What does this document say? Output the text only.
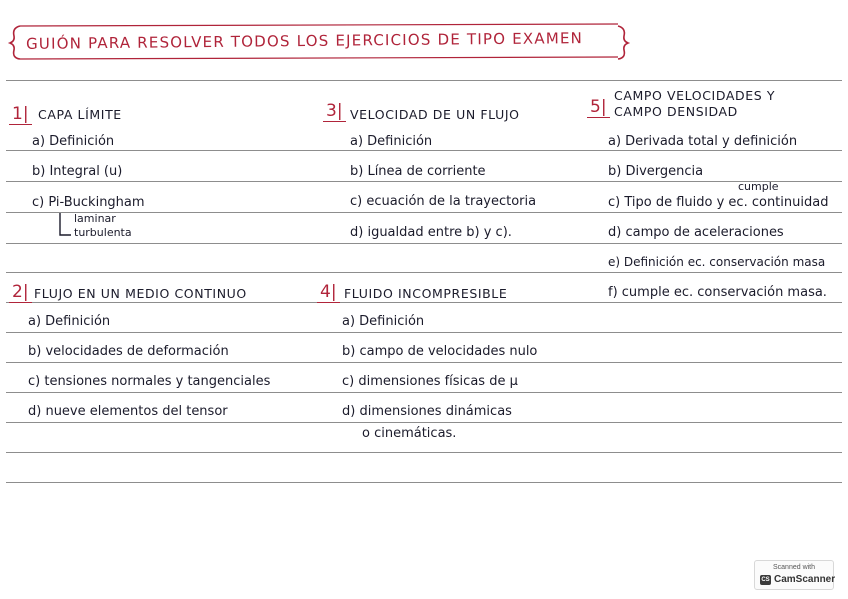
GUIÓN PARA RESOLVER TODOS LOS EJERCICIOS DE TIPO EXAMEN
1| CAPA LÍMITE
a) Definición
b) Integral (u)
c) Pi-Buckingham
laminar
turbulenta
3| VELOCIDAD DE UN FLUJO
a) Definición
b) Línea de corriente
c) ecuación de la trayectoria
d) igualdad entre b) y c).
5|
CAMPO VELOCIDADES Y
CAMPO DENSIDAD
a) Derivada total y definición
b) Divergencia
cumple
c) Tipo de fluido y ec. continuidad
d) campo de aceleraciones
e) Definición ec. conservación masa
f) cumple ec. conservación masa.
2| FLUJO EN UN MEDIO CONTINUO
a) Definición
b) velocidades de deformación
c) tensiones normales y tangenciales
d) nueve elementos del tensor
4| FLUIDO INCOMPRESIBLE
a) Definición
b) campo de velocidades nulo
c) dimensiones físicas de μ
d) dimensiones dinámicas
o cinemáticas.
Scanned with
CS CamScanner
